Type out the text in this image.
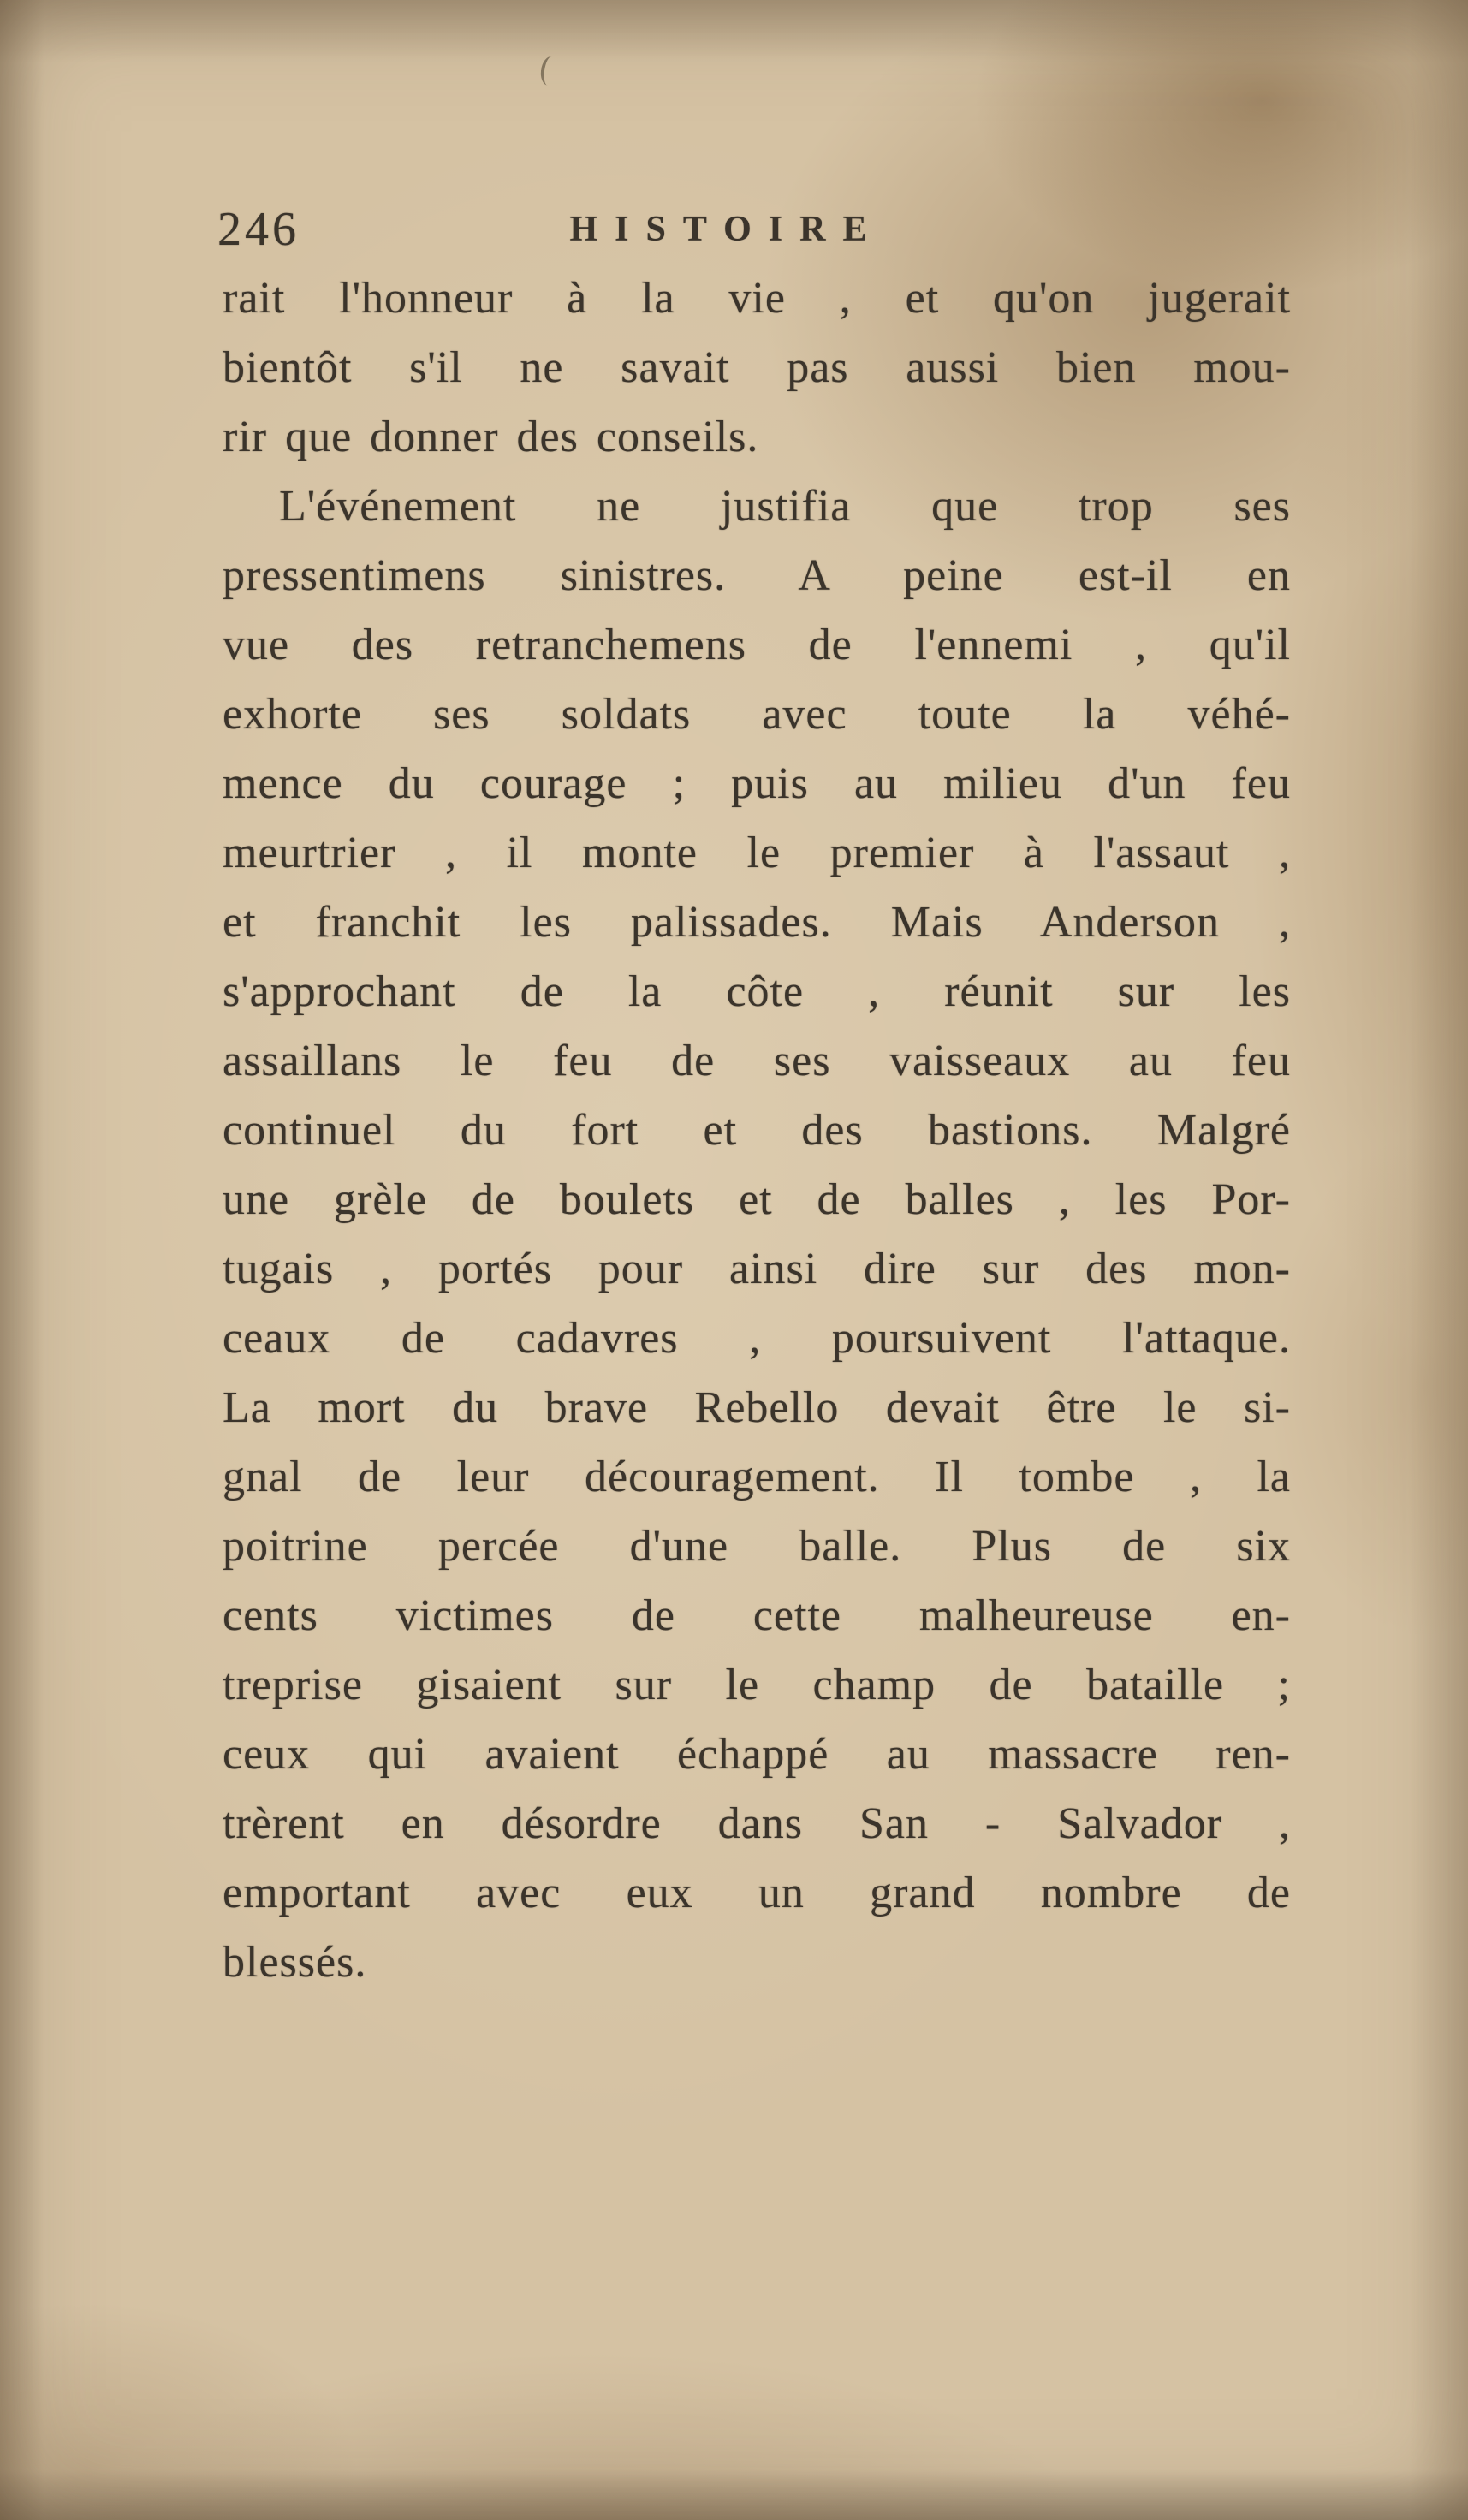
246	HISTOIRE
rait l'honneur à la vie , et qu'on jugerait
bientôt s'il ne savait pas aussi bien mou-
rir que donner des conseils.
L'événement ne justifia que trop ses
pressentimens sinistres. A peine est-il en
vue des retranchemens de l'ennemi , qu'il
exhorte ses soldats avec toute la véhé-
mence du courage ; puis au milieu d'un feu
meurtrier , il monte le premier à l'assaut ,
et franchit les palissades. Mais Anderson ,
s'approchant de la côte , réunit sur les
assaillans le feu de ses vaisseaux au feu
continuel du fort et des bastions. Malgré
une grèle de boulets et de balles , les Por-
tugais , portés pour ainsi dire sur des mon-
ceaux de cadavres , poursuivent l'attaque.
La mort du brave Rebello devait être le si-
gnal de leur découragement. Il tombe , la
poitrine percée d'une balle. Plus de six
cents victimes de cette malheureuse en-
treprise gisaient sur le champ de bataille ;
ceux qui avaient échappé au massacre ren-
trèrent en désordre dans San - Salvador ,
emportant avec eux un grand nombre de
blessés.
